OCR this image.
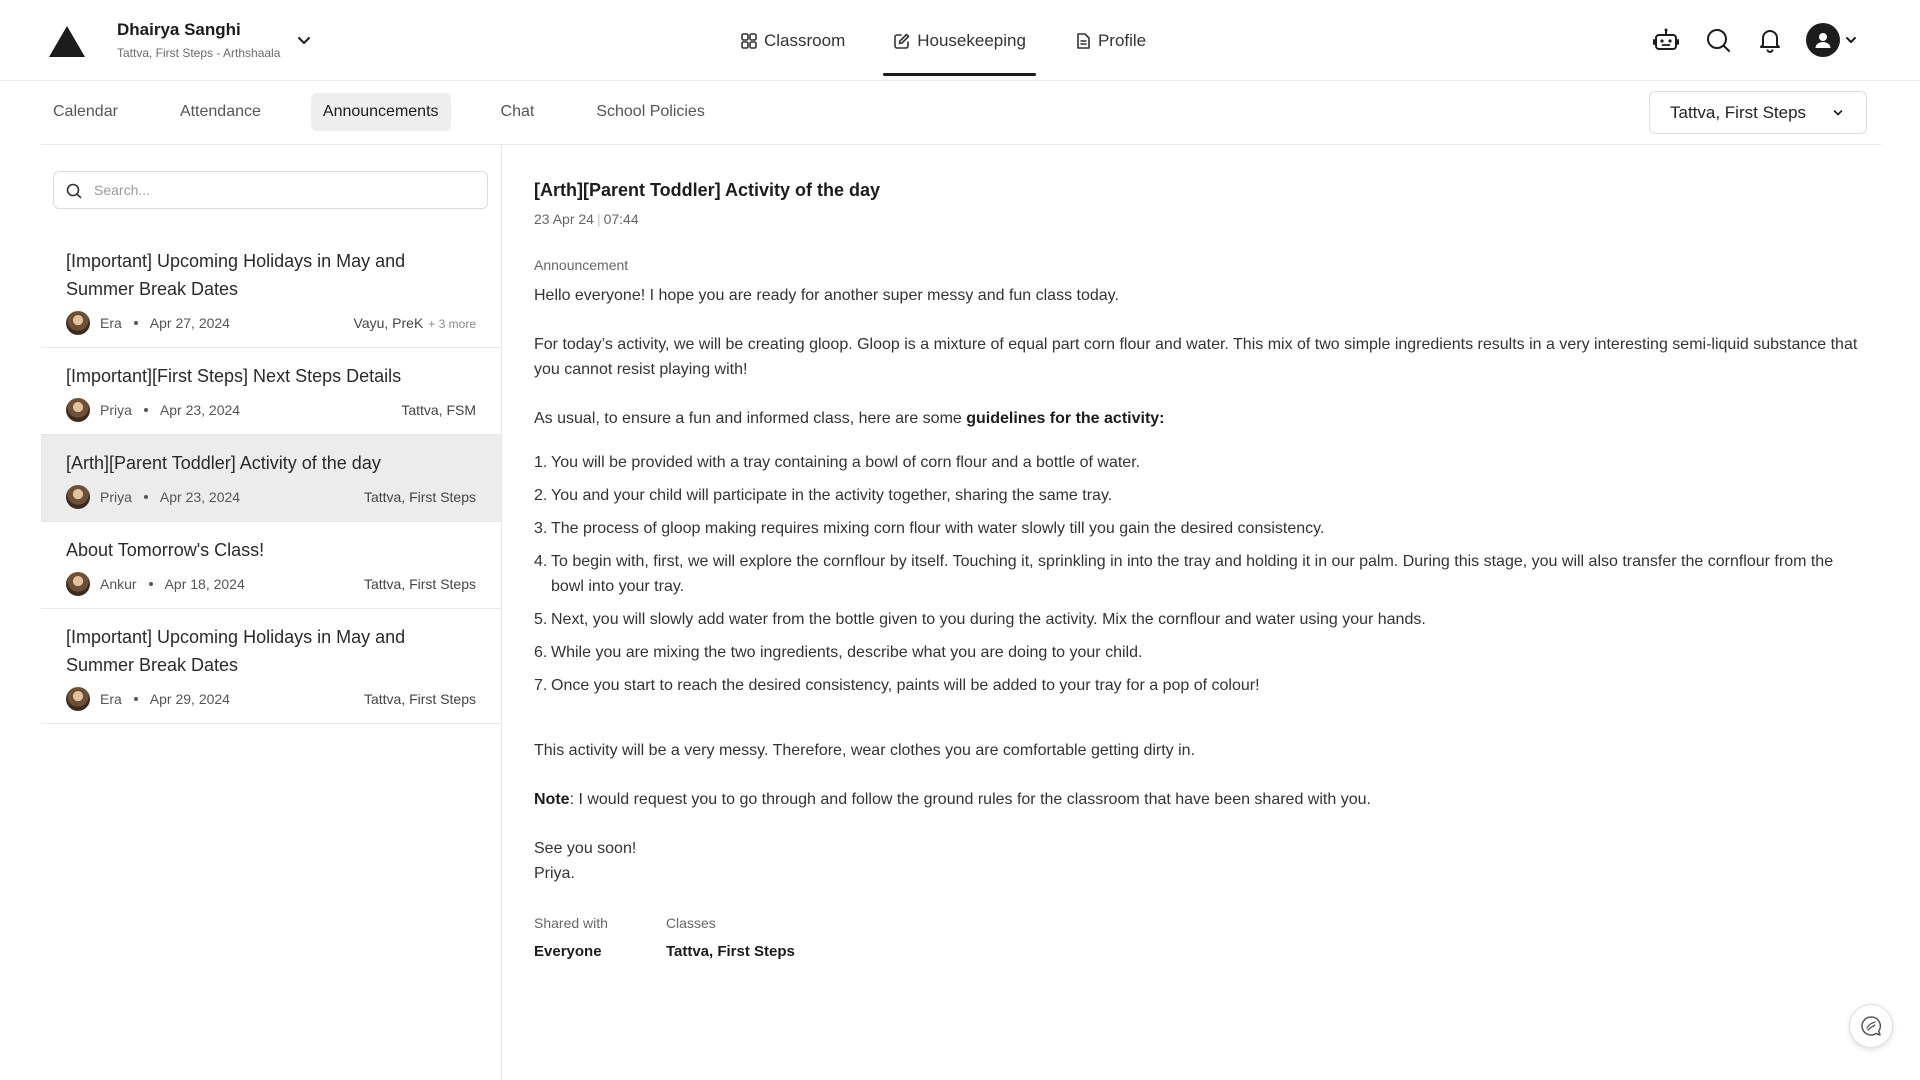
Dhairya Sanghi
Tattva, First Steps - Arthshaala
Classroom	Housekeeping	Profile
Calendar	Attendance	Announcements	Chat	School Policies	Tattva, First Steps
Search...
[Important] Upcoming Holidays in May and Summer Break Dates
Era Apr 27, 2024	Vayu, PreK + 3 more
[Important][First Steps] Next Steps Details
Priya Apr 23, 2024	Tattva, FSM
[Arth][Parent Toddler] Activity of the day
Priya Apr 23, 2024	Tattva, First Steps
About Tomorrow's Class!
Ankur Apr 18, 2024	Tattva, First Steps
[Important] Upcoming Holidays in May and Summer Break Dates
Era Apr 29, 2024	Tattva, First Steps
[Arth][Parent Toddler] Activity of the day
23 Apr 24 | 07:44
Announcement

Hello everyone! I hope you are ready for another super messy and fun class today.

For today’s activity, we will be creating gloop. Gloop is a mixture of equal part corn flour and water. This mix of two simple ingredients results in a very interesting semi-liquid substance that you cannot resist playing with!

As usual, to ensure a fun and informed class, here are some guidelines for the activity:

1. You will be provided with a tray containing a bowl of corn flour and a bottle of water.
2. You and your child will participate in the activity together, sharing the same tray.
3. The process of gloop making requires mixing corn flour with water slowly till you gain the desired consistency.
4. To begin with, first, we will explore the cornflour by itself. Touching it, sprinkling in into the tray and holding it in our palm. During this stage, you will also transfer the cornflour from the bowl into your tray.
5. Next, you will slowly add water from the bottle given to you during the activity. Mix the cornflour and water using your hands.
6. While you are mixing the two ingredients, describe what you are doing to your child.
7. Once you start to reach the desired consistency, paints will be added to your tray for a pop of colour!

This activity will be a very messy. Therefore, wear clothes you are comfortable getting dirty in.

Note: I would request you to go through and follow the ground rules for the classroom that have been shared with you.

See you soon!
Priya.

Shared with
Everyone
Classes
Tattva, First Steps
